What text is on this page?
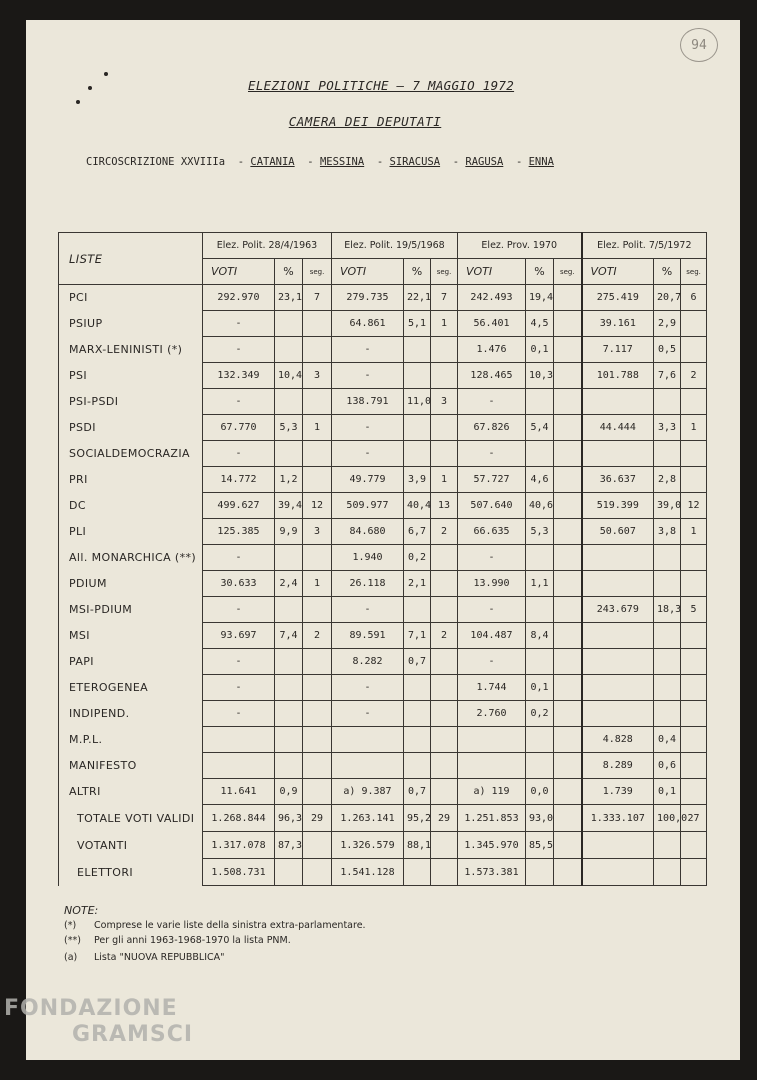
94
ELEZIONI POLITICHE – 7 MAGGIO 1972
CAMERA DEI DEPUTATI
CIRCOSCRIZIONE XXVIIIa  - CATANIA  - MESSINA  - SIRACUSA  - RAGUSA  - ENNA
LISTE	Elez. Polit. 28/4/1963			Elez. Polit. 19/5/1968			Elez. Prov. 1970			Elez. Polit. 7/5/1972		
	VOTI	%	seg.	VOTI	%	seg.	VOTI	%	seg.	VOTI	%	seg.
PCI	292.970	23,1	7	279.735	22,1	7	242.493	19,4		275.419	20,7	6
PSIUP	-			64.861	5,1	1	56.401	4,5		39.161	2,9	
MARX-LENINISTI (*)	-			-			1.476	0,1		7.117	0,5	
PSI	132.349	10,4	3	-			128.465	10,3		101.788	7,6	2
PSI-PSDI	-			138.791	11,0	3	-					
PSDI	67.770	5,3	1	-			67.826	5,4		44.444	3,3	1
SOCIALDEMOCRAZIA	-			-			-					
PRI	14.772	1,2		49.779	3,9	1	57.727	4,6		36.637	2,8	
DC	499.627	39,4	12	509.977	40,4	13	507.640	40,6		519.399	39,0	12
PLI	125.385	9,9	3	84.680	6,7	2	66.635	5,3		50.607	3,8	1
All. MONARCHICA (**)	-			1.940	0,2		-					
PDIUM	30.633	2,4	1	26.118	2,1		13.990	1,1				
MSI-PDIUM	-			-			-			243.679	18,3	5
MSI	93.697	7,4	2	89.591	7,1	2	104.487	8,4				
PAPI	-			8.282	0,7		-					
ETEROGENEA	-			-			1.744	0,1				
INDIPEND.	-			-			2.760	0,2				
M.P.L.										4.828	0,4	
MANIFESTO										8.289	0,6	
ALTRI	11.641	0,9		a) 9.387	0,7		a) 119	0,0		1.739	0,1	
TOTALE VOTI VALIDI	1.268.844	96,3	29	1.263.141	95,2	29	1.251.853	93,0		1.333.107	100,0	27
VOTANTI	1.317.078	87,3		1.326.579	88,1		1.345.970	85,5				
ELETTORI	1.508.731			1.541.128			1.573.381					
NOTE:
(*) Comprese le varie liste della sinistra extra-parlamentare.
(**) Per gli anni 1963-1968-1970 la lista PNM.
(a) Lista "NUOVA REPUBBLICA"
FONDAZIONE
GRAMSCI
